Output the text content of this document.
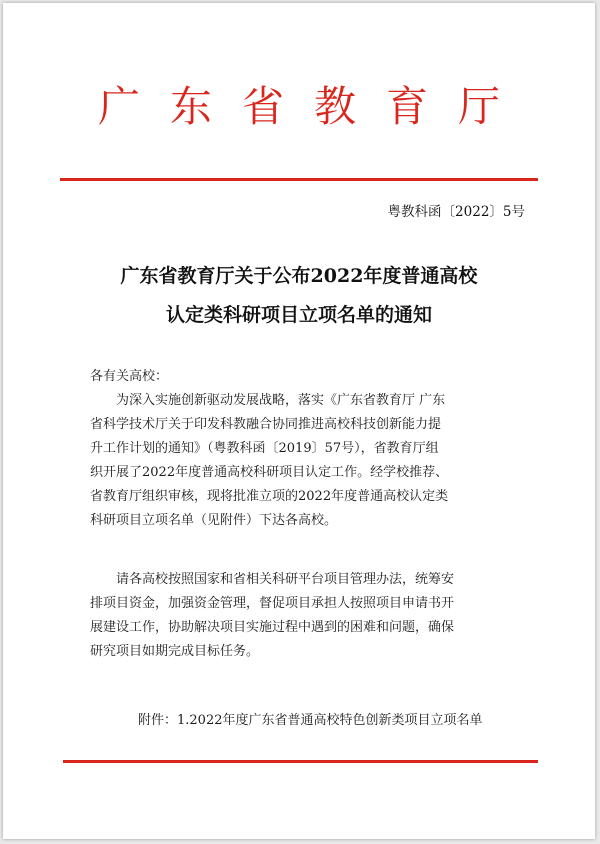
广东省教育厅
粤教科函〔2022〕5号
广东省教育厅关于公布2022年度普通高校
认定类科研项目立项名单的通知
各有关高校：

为深入实施创新驱动发展战略，落实《广东省教育厅 广东
省科学技术厅关于印发科教融合协同推进高校科技创新能力提
升工作计划的通知》（粤教科函〔2019〕57号），省教育厅组
织开展了2022年度普通高校科研项目认定工作。经学校推荐、
省教育厅组织审核，现将批准立项的2022年度普通高校认定类
科研项目立项名单（见附件）下达各高校。

请各高校按照国家和省相关科研平台项目管理办法，统筹安
排项目资金，加强资金管理，督促项目承担人按照项目申请书开
展建设工作，协助解决项目实施过程中遇到的困难和问题，确保
研究项目如期完成目标任务。

附件：1.2022年度广东省普通高校特色创新类项目立项名单
